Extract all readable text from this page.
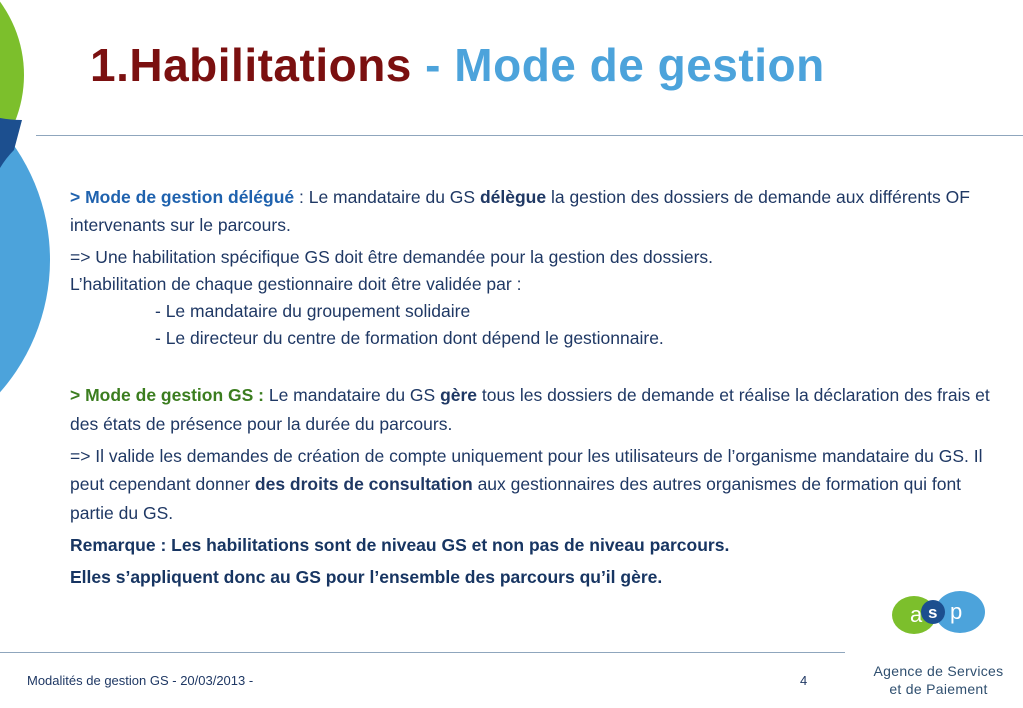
1.Habilitations - Mode de gestion

> Mode de gestion délégué : Le mandataire du GS délègue la gestion des dossiers de demande aux différents OF intervenants sur le parcours.

=> Une habilitation spécifique GS doit être demandée pour la gestion des dossiers.

L’habilitation de chaque gestionnaire doit être validée par :

- Le mandataire du groupement solidaire

- Le directeur du centre de formation dont dépend le gestionnaire.

> Mode de gestion GS : Le mandataire du GS gère tous les dossiers de demande et réalise la déclaration des frais et des états de présence pour la durée du parcours.

=> Il valide les demandes de création de compte uniquement pour les utilisateurs de l’organisme mandataire du GS. Il peut cependant donner des droits de consultation aux gestionnaires des autres organismes de formation qui font partie du GS.

Remarque : Les habilitations sont de niveau GS et non pas de niveau parcours.

Elles s’appliquent donc au GS pour l’ensemble des parcours qu’il gère.

Modalités de gestion GS - 20/03/2013 -	4
a s p
Agence de Services
et de Paiement
